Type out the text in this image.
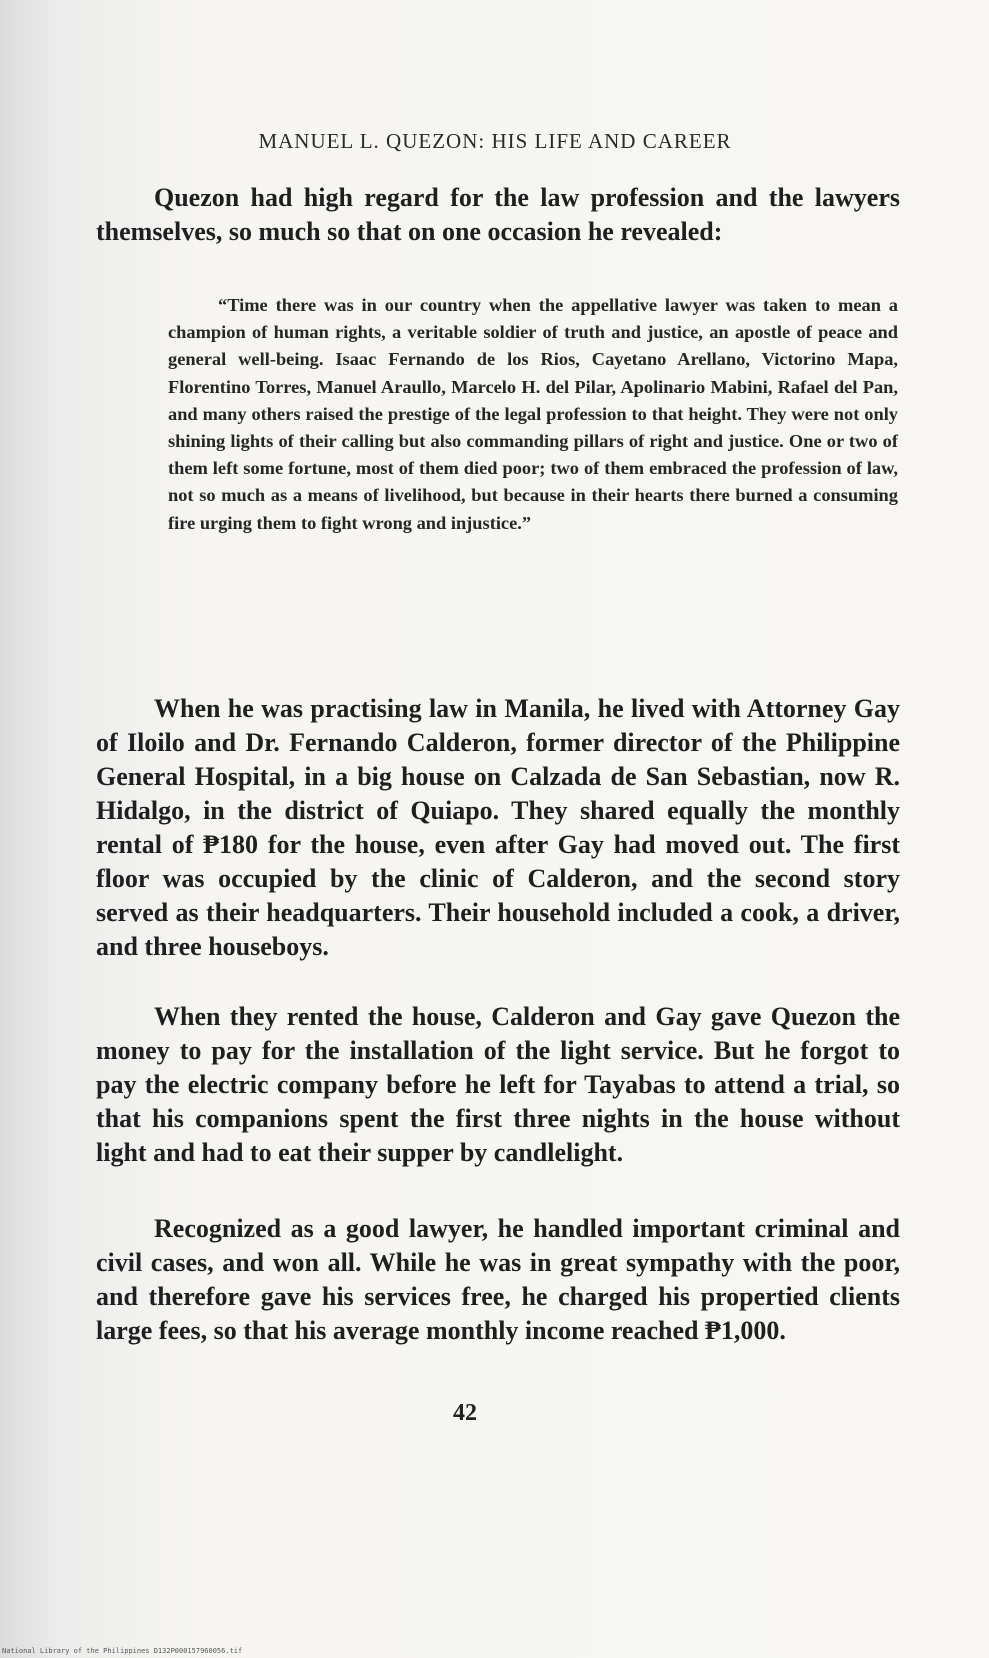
MANUEL L. QUEZON: HIS LIFE AND CAREER

Quezon had high regard for the law profession and the lawyers themselves, so much so that on one occasion he revealed:

“Time there was in our country when the appellative lawyer was taken to mean a champion of human rights, a veritable soldier of truth and justice, an apostle of peace and general well-being. Isaac Fernando de los Rios, Cayetano Arellano, Victorino Mapa, Florentino Torres, Manuel Araullo, Marcelo H. del Pilar, Apolinario Mabini, Rafael del Pan, and many others raised the prestige of the legal profession to that height. They were not only shining lights of their calling but also commanding pillars of right and justice. One or two of them left some fortune, most of them died poor; two of them embraced the profession of law, not so much as a means of livelihood, but because in their hearts there burned a consuming fire urging them to fight wrong and injustice.”

When he was practising law in Manila, he lived with Attorney Gay of Iloilo and Dr. Fernando Calderon, former director of the Philippine General Hospital, in a big house on Calzada de San Sebastian, now R. Hidalgo, in the district of Quiapo. They shared equally the monthly rental of ₱180 for the house, even after Gay had moved out. The first floor was occupied by the clinic of Calderon, and the second story served as their headquarters. Their household included a cook, a driver, and three houseboys.

When they rented the house, Calderon and Gay gave Quezon the money to pay for the installation of the light service. But he forgot to pay the electric company before he left for Tayabas to attend a trial, so that his companions spent the first three nights in the house without light and had to eat their supper by candlelight.

Recognized as a good lawyer, he handled important criminal and civil cases, and won all. While he was in great sympathy with the poor, and therefore gave his services free, he charged his propertied clients large fees, so that his average monthly income reached ₱1,000.

42
National Library of the Philippines D132P000157960056.tif
